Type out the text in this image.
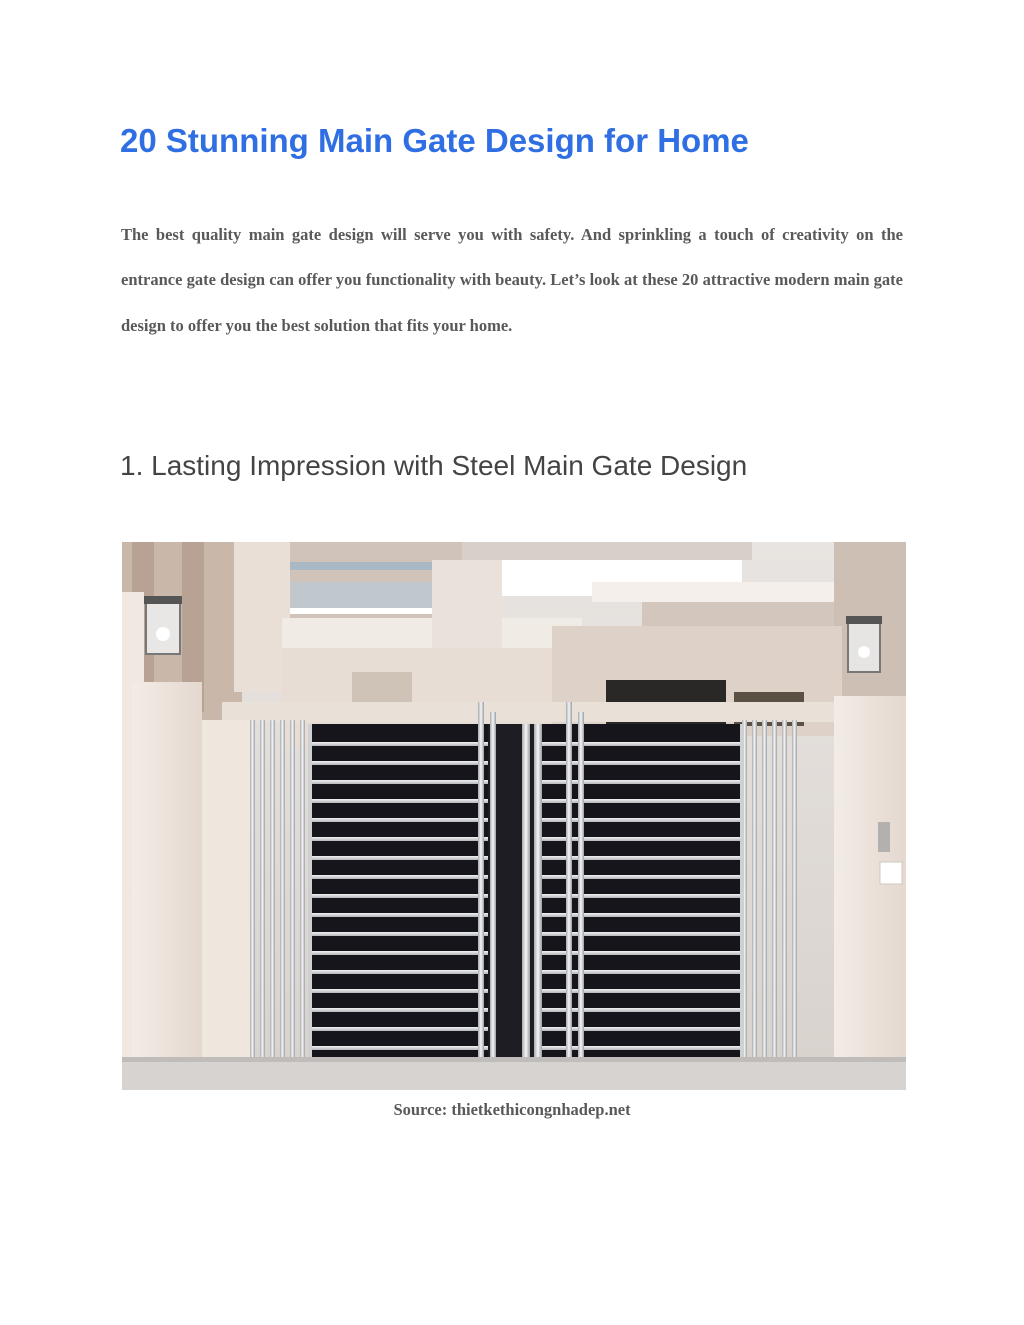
20 Stunning Main Gate Design for Home

The best quality main gate design will serve you with safety. And sprinkling a touch of creativity on the entrance gate design can offer you functionality with beauty. Let’s look at these 20 attractive modern main gate design to offer you the best solution that fits your home.

1. Lasting Impression with Steel Main Gate Design

Source: thietkethicongnhadep.net
